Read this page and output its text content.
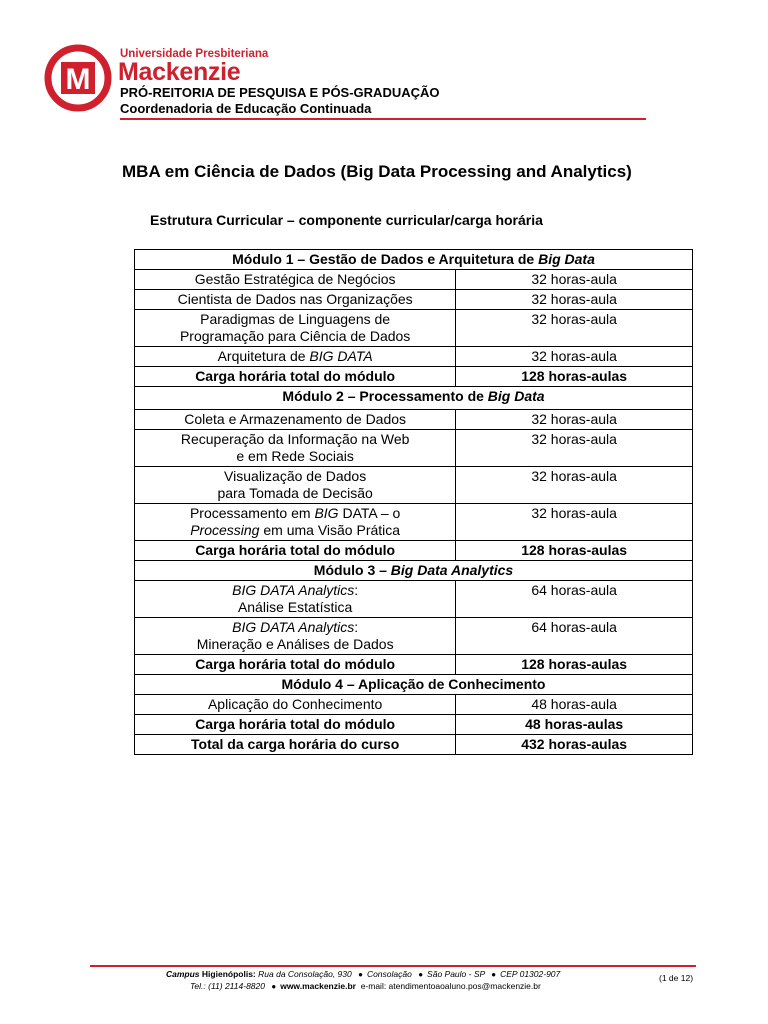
M
Universidade Presbiteriana
Mackenzie
PRÓ-REITORIA DE PESQUISA E PÓS-GRADUAÇÃO
Coordenadoria de Educação Continuada
MBA em Ciência de Dados (Big Data Processing and Analytics)
Estrutura Curricular – componente curricular/carga horária
Módulo 1 – Gestão de Dados e Arquitetura de Big Data	
Gestão Estratégica de Negócios	32 horas-aula
Cientista de Dados nas Organizações	32 horas-aula
Paradigmas de Linguagens de
Programação para Ciência de Dados	32 horas-aula
Arquitetura de BIG DATA	32 horas-aula
Carga horária total do módulo	128 horas-aulas
Módulo 2 – Processamento de Big Data	
Coleta e Armazenamento de Dados	32 horas-aula
Recuperação da Informação na Web
e em Rede Sociais	32 horas-aula
Visualização de Dados
para Tomada de Decisão	32 horas-aula
Processamento em BIG DATA – o
Processing em uma Visão Prática	32 horas-aula
Carga horária total do módulo	128 horas-aulas
Módulo 3 – Big Data Analytics	
BIG DATA Analytics:
Análise Estatística	64 horas-aula
BIG DATA Analytics:
Mineração e Análises de Dados	64 horas-aula
Carga horária total do módulo	128 horas-aulas
Módulo 4 – Aplicação de Conhecimento	
Aplicação do Conhecimento	48 horas-aula
Carga horária total do módulo	48 horas-aulas
Total da carga horária do curso	432 horas-aulas
Campus Higienópolis: Rua da Consolação, 930 ● Consolação ● São Paulo - SP ● CEP 01302-907
Tel.: (11) 2114-8820 ● www.mackenzie.br e-mail: atendimentoaoaluno.pos@mackenzie.br
(1 de 12)
